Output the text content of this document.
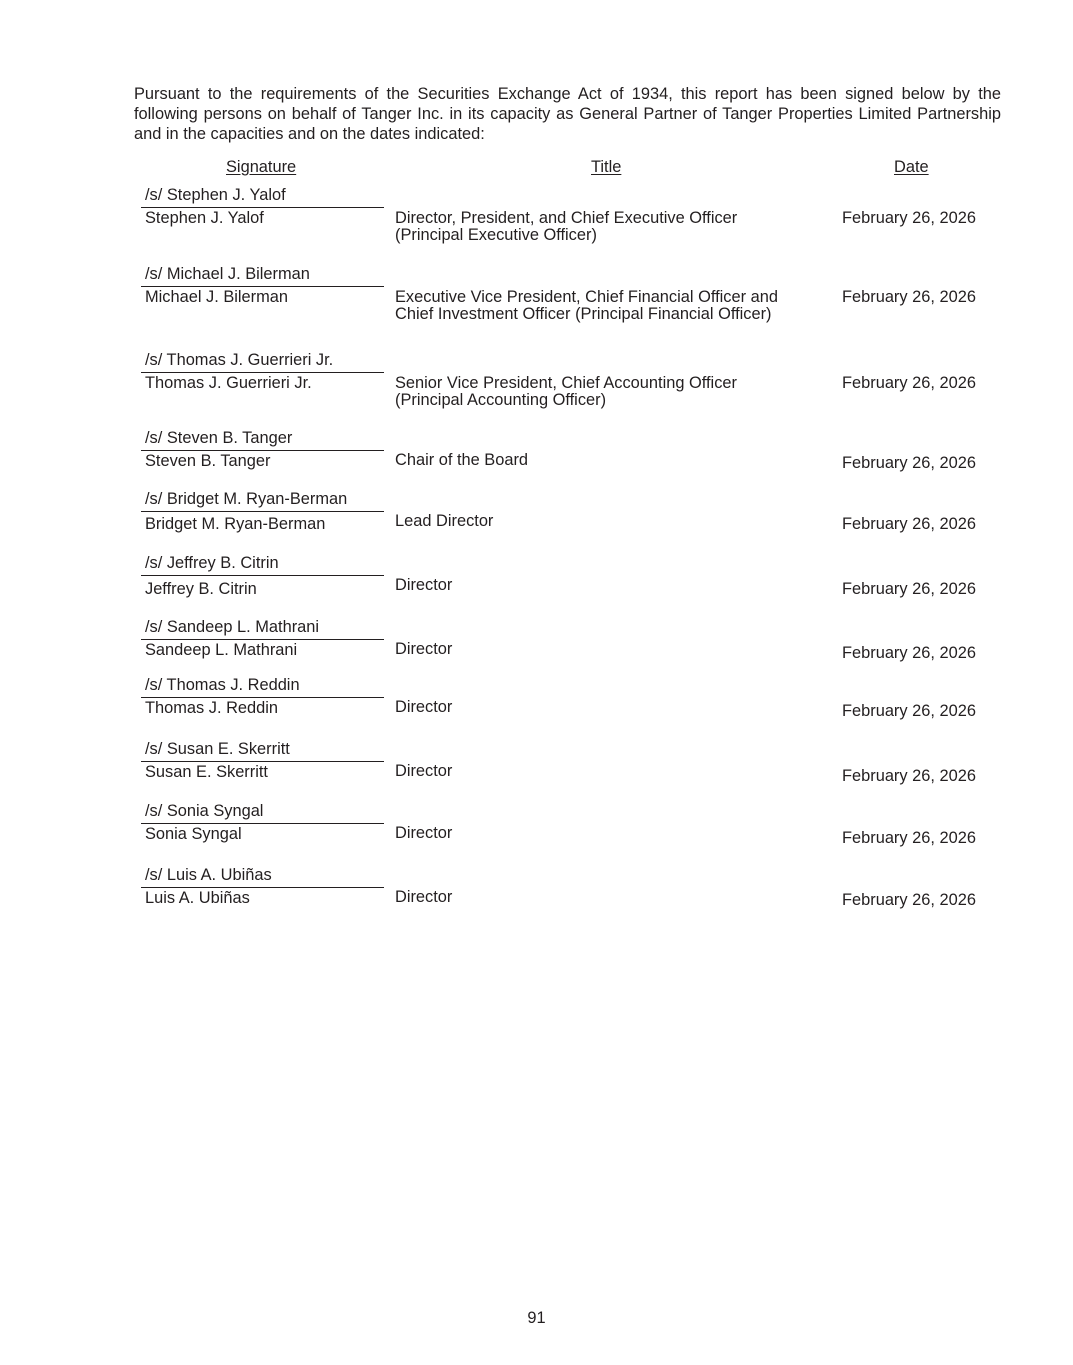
Pursuant to the requirements of the Securities Exchange Act of 1934, this report has been signed below by the following persons on behalf of Tanger Inc. in its capacity as General Partner of Tanger Properties Limited Partnership and in the capacities and on the dates indicated:

Signature	Title	Date
/s/ Stephen J. Yalof
Stephen J. Yalof	Director, President, and Chief Executive Officer
(Principal Executive Officer)
February 26, 2026
/s/ Michael J. Bilerman
Michael J. Bilerman	Executive Vice President, Chief Financial Officer and
Chief Investment Officer (Principal Financial Officer)
February 26, 2026
/s/ Thomas J. Guerrieri Jr.
Thomas J. Guerrieri Jr.	Senior Vice President, Chief Accounting Officer
(Principal Accounting Officer)
February 26, 2026
/s/ Steven B. Tanger
Steven B. Tanger	Chair of the Board	February 26, 2026
/s/ Bridget M. Ryan-Berman
Bridget M. Ryan-Berman	Lead Director	February 26, 2026
/s/ Jeffrey B. Citrin
Jeffrey B. Citrin	Director	February 26, 2026
/s/ Sandeep L. Mathrani
Sandeep L. Mathrani	Director	February 26, 2026
/s/ Thomas J. Reddin
Thomas J. Reddin	Director	February 26, 2026
/s/ Susan E. Skerritt
Susan E. Skerritt	Director	February 26, 2026
/s/ Sonia Syngal
Sonia Syngal	Director	February 26, 2026
/s/ Luis A. Ubiñas
Luis A. Ubiñas	Director	February 26, 2026
91
